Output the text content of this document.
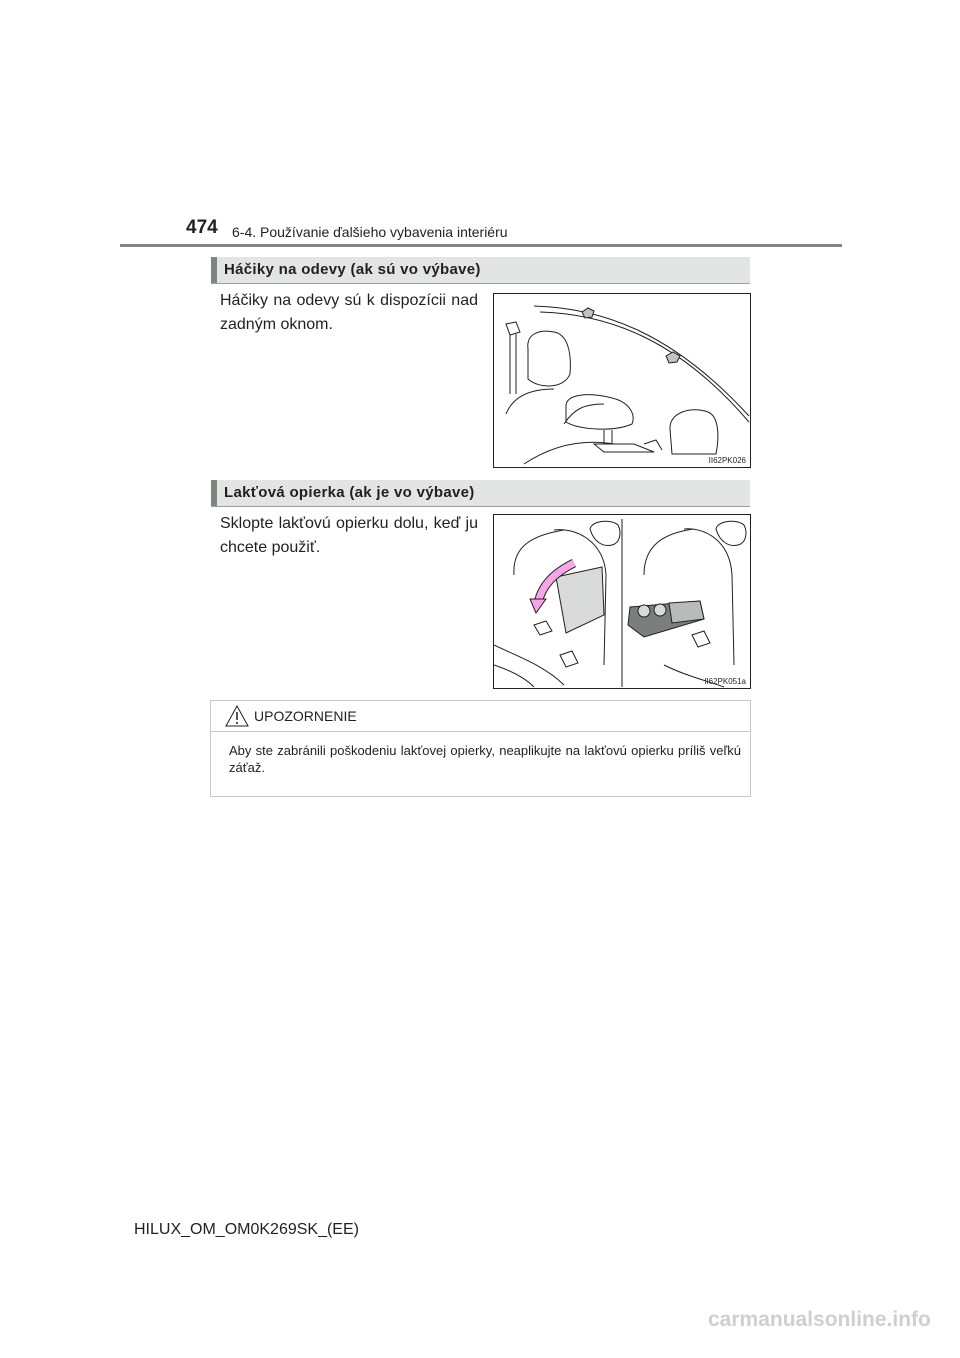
474 6-4. Používanie ďalšieho vybavenia interiéru
Háčiky na odevy (ak sú vo výbave)
Háčiky na odevy sú k dispozícii nad zadným oknom.
II62PK026
Lakťová opierka (ak je vo výbave)
Sklopte lakťovú opierku dolu, keď ju chcete použiť.
II62PK051a
UPOZORNENIE
Aby ste zabránili poškodeniu lakťovej opierky, neaplikujte na lakťovú opierku príliš veľkú záťaž.
HILUX_OM_OM0K269SK_(EE)
carmanualsonline.info
